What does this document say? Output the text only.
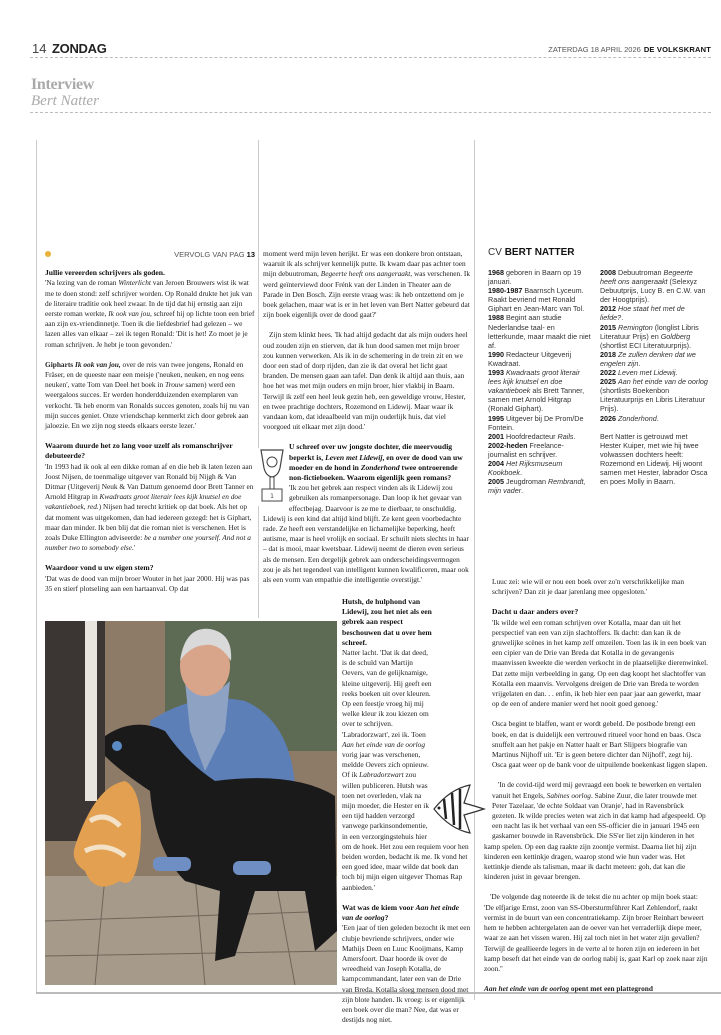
14 ZONDAG	ZATERDAG 18 APRIL 2026 DE VOLKSKRANT
Interview
Bert Natter
VERVOLG VAN PAG 13

Jullie vereerden schrijvers als goden.

'Na lezing van de roman Winterlicht van Jeroen Brouwers wist ik wat me te doen stond: zelf schrijver worden. Op Ronald drukte het juk van de literaire traditie ook heel zwaar. In de tijd dat hij ernstig aan zijn eerste roman werkte, Ik ook van jou, schreef hij op lichte toon een brief aan zijn ex-vriendinnetje. Toen ik die liefdesbrief had gelezen – we lazen alles van elkaar – zei ik tegen Ronald: 'Dit is het! Zo moet je je roman schrijven. Je hebt je toon gevonden.'

Gipharts Ik ook van jou, over de reis van twee jongens, Ronald en Fräser, en de queeste naar een meisje ('neuken, neuken, en nog eens neuken', vatte Tom van Deel het boek in Trouw samen) werd een weergaloos succes. Er werden honderdduizenden exemplaren van verkocht. 'Ik heb enorm van Ronalds succes genoten, zoals hij nu van mijn succes geniet. Onze vriendschap kenmerkt zich door gebrek aan jaloezie. En we zijn nog steeds elkaars eerste lezer.'

Waarom duurde het zo lang voor uzelf als romanschrijver debuteerde?

'In 1993 had ik ook al een dikke roman af en die heb ik laten lezen aan Joost Nijsen, de toenmalige uitgever van Ronald bij Nijgh & Van Ditmar (Uitgeverij Neuk & Van Dattum genoemd door Brett Tanner en Arnold Hitgrap in Kwadraats groot literair lees kijk knutsel en doe vakantieboek, red.) Nijsen had terecht kritiek op dat boek. Als het op dat moment was uitgekomen, dan had iedereen gezegd: het is Giphart, maar dan minder. Ik ben blij dat die roman niet is verschenen. Het is zoals Duke Ellington adviseerde: be a number one yourself. And not a number two to somebody else.'

Waardoor vond u uw eigen stem?

'Dat was de dood van mijn broer Wouter in het jaar 2000. Hij was pas 35 en stierf plotseling aan een hartaanval. Op dat

moment werd mijn leven herijkt. Er was een donkere bron ontstaan, waaruit ik als schrijver kennelijk putte. Ik kwam daar pas achter toen mijn debuutroman, Begeerte heeft ons aangeraakt, was verschenen. Ik werd geïnterviewd door Frénk van der Linden in Theater aan de Parade in Den Bosch. Zijn eerste vraag was: ik heb ontzettend om je boek gelachen, maar wat is er in het leven van Bert Natter gebeurd dat zijn boek eigenlijk over de dood gaat?'

Zijn stem klinkt hees. 'Ik had altijd gedacht dat als mijn ouders heel oud zouden zijn en stierven, dat ik hun dood samen met mijn broer zou kunnen verwerken. Als ik in de schemering in de trein zit en we door een stad of dorp rijden, dan zie ik dat overal het licht gaat branden. De mensen gaan aan tafel. Dan denk ik altijd aan thuis, aan hoe het was met mijn ouders en mijn broer, hier vlakbij in Baarn. Terwijl ik zelf een heel leuk gezin heb, een geweldige vrouw, Hester, en twee prachtige dochters, Rozemond en Lidewij. Maar waar ik vandaan kom, dat ideaalbeeld van mijn ouderlijk huis, dat viel voorgoed uit elkaar met zijn dood.'

1

U schreef over uw jongste dochter, die meervoudig beperkt is, Leven met Lidewij, en over de dood van uw moeder en de hond in Zonderhond twee ontroerende non-fictieboeken. Waarom eigenlijk geen romans?

'Ik zou het gebrek aan respect vinden als ik Lidewij zou gebruiken als romanpersonage. Dan loop ik het gevaar van effectbejag. Daarvoor is ze me te dierbaar, te onschuldig. Lidewij is een kind dat altijd kind blijft. Ze kent geen voorbedachte rade. Ze heeft een verstandelijke en lichamelijke beperking, heeft autisme, maar is heel vrolijk en sociaal. Er schuilt niets slechts in haar – dat is mooi, maar kwetsbaar. Lidewij neemt de dieren even serieus als de mensen. Een dergelijk gebrek aan onderscheidingsvermogen zou je als het tegendeel van intelligent kunnen kwalificeren, maar ook als een vorm van empathie die intelligentie overstijgt.'

CV BERT NATTER
1968 geboren in Baarn op 19 januari.
1980-1987 Baarnsch Lyceum. Raakt bevriend met Ronald Giphart en Jean-Marc van Tol.
1988 Begint aan studie Nederlandse taal- en letterkunde, maar maakt die niet af.
1990 Redacteur Uitgeverij Kwadraat.
1993 Kwadraats groot literair lees kijk knutsel en doe vakantieboek als Brett Tanner, samen met Arnold Hitgrap (Ronald Giphart).
1995 Uitgever bij De Prom/De Fontein.
2001 Hoofdredacteur Rails.
2002-heden Freelance-journalist en schrijver.
2004 Het Rijksmuseum Kookboek.
2005 Jeugdroman Rembrandt, mijn vader.
2008 Debuutroman Begeerte heeft ons aangeraakt (Selexyz Debuutprijs, Lucy B. en C.W. van der Hoogtprijs).
2012 Hoe staat het met de liefde?.
2015 Remington (longlist Libris Literatuur Prijs) en Goldberg (shortlist ECI Literatuurprijs).
2018 Ze zullen denken dat we engelen zijn.
2022 Leven met Lidewij.
2025 Aan het einde van de oorlog (shortlists Boekenbon Literatuurprijs en Libris Literatuur Prijs).
2026 Zonderhond.
Bert Natter is getrouwd met Hester Kuiper, met wie hij twee volwassen dochters heeft: Rozemond en Lidewij. Hij woont samen met Hester, labrador Osca en poes Molly in Baarn.

Hutsh, de hulphond van Lidewij, zou het niet als een gebrek aan respect beschouwen dat u over hem schreef.

Natter lacht. 'Dat ik dat deed, is de schuld van Martijn Oevers, van de gelijknamige, kleine uitgeverij. Hij geeft een reeks boeken uit over kleuren. Op een feestje vroeg hij mij welke kleur ik zou kiezen om over te schrijven. 'Labradorzwart', zei ik. Toen Aan het einde van de oorlog vorig jaar was verschenen, meldde Oevers zich opnieuw. Of ik Labradorzwart zou willen publiceren. Hutsh was toen net overleden, vlak na mijn moeder, die Hester en ik een tijd hadden verzorgd vanwege parkinsondementie, in een verzorgingstehuis hier om de hoek. Het zou een requiem voor hen beiden worden, bedacht ik me. Ik vond het een goed idee, maar wilde dat boek dan toch bij mijn eigen uitgever Thomas Rap aanbieden.'

Wat was de kiem voor Aan het einde van de oorlog?

'Een jaar of tien geleden bezocht ik met een clubje bevriende schrijvers, onder wie Mathijs Deen en Luuc Kooijmans, Kamp Amersfoort. Daar hoorde ik over de wreedheid van Joseph Kotalla, de kampcommandant, later een van de Drie van Breda. Kotalla sloeg mensen dood met zijn blote handen. Ik vroeg: is er eigenlijk een boek over die man? Nee, dat was er destijds nog niet.

Luuc zei: wie wil er nou een boek over zo'n verschrikkelijke man schrijven? Dan zit je daar jarenlang mee opgesloten.'

Dacht u daar anders over?

'Ik wilde wel een roman schrijven over Kotalla, maar dan uit het perspectief van een van zijn slachtoffers. Ik dacht: dan kan ik de gruwelijke scènes in het kamp zelf omzeilen. Toen las ik in een boek van een cipier van de Drie van Breda dat Kotalla in de gevangenis maanvissen kweekte die werden verkocht in de plaatselijke dierenwinkel. Dat zette mijn verbeelding in gang. Op een dag koopt het slachtoffer van Kotalla een maanvis. Vervolgens dreigen de Drie van Breda te worden vrijgelaten en dan. . . enfin, ik heb hier een paar jaar aan gewerkt, maar op de een of andere manier werd het nooit goed genoeg.'

Osca begint te blaffen, want er wordt gebeld. De postbode brengt een boek, en dat is duidelijk een vertrouwd ritueel voor hond en baas. Osca snuffelt aan het pakje en Natter haalt er Bart Slijpers biografie van Martinus Nijhoff uit. 'Er is geen betere dichter dan Nijhoff', zegt hij. Osca gaat weer op de bank voor de uitpuilende boekenkast liggen slapen.

'In de covid-tijd werd mij gevraagd een boek te bewerken en vertalen vanuit het Engels, Sabines oorlog. Sabine Zuur, die later trouwde met Peter Tazelaar, 'de echte Soldaat van Oranje', had in Ravensbrück gezeten. Ik wilde precies weten wat zich in dat kamp had afgespeeld. Op een nacht las ik het verhaal van een SS-officier die in januari 1945 een gaskamer bouwde in Ravensbrück. Die SS'er liet zijn kinderen in het kamp spelen. Op een dag raakte zijn zoontje vermist. Daarna liet hij zijn kinderen een kettinkje dragen, waarop stond wie hun vader was. Het kettinkje diende als talisman, maar ik dacht meteen: goh, dat kan die kinderen juist in gevaar brengen.

'De volgende dag noteerde ik de tekst die nu achter op mijn boek staat: 'De elfjarige Ernst, zoon van SS-Obersturmführer Karl Zehlendorf, raakt vermist in de buurt van een concentratiekamp. Zijn broer Reinhart beweert hem te hebben achtergelaten aan de oever van het verraderlijk diepe meer, waar ze aan het vissen waren. Hij zal toch niet in het water zijn gevallen? Terwijl de geallieerde legers in de verte al te horen zijn en iedereen in het kamp beseft dat het einde van de oorlog nabij is, gaat Karl op zoek naar zijn zoon.''

Aan het einde van de oorlog opent met een plattegrond
